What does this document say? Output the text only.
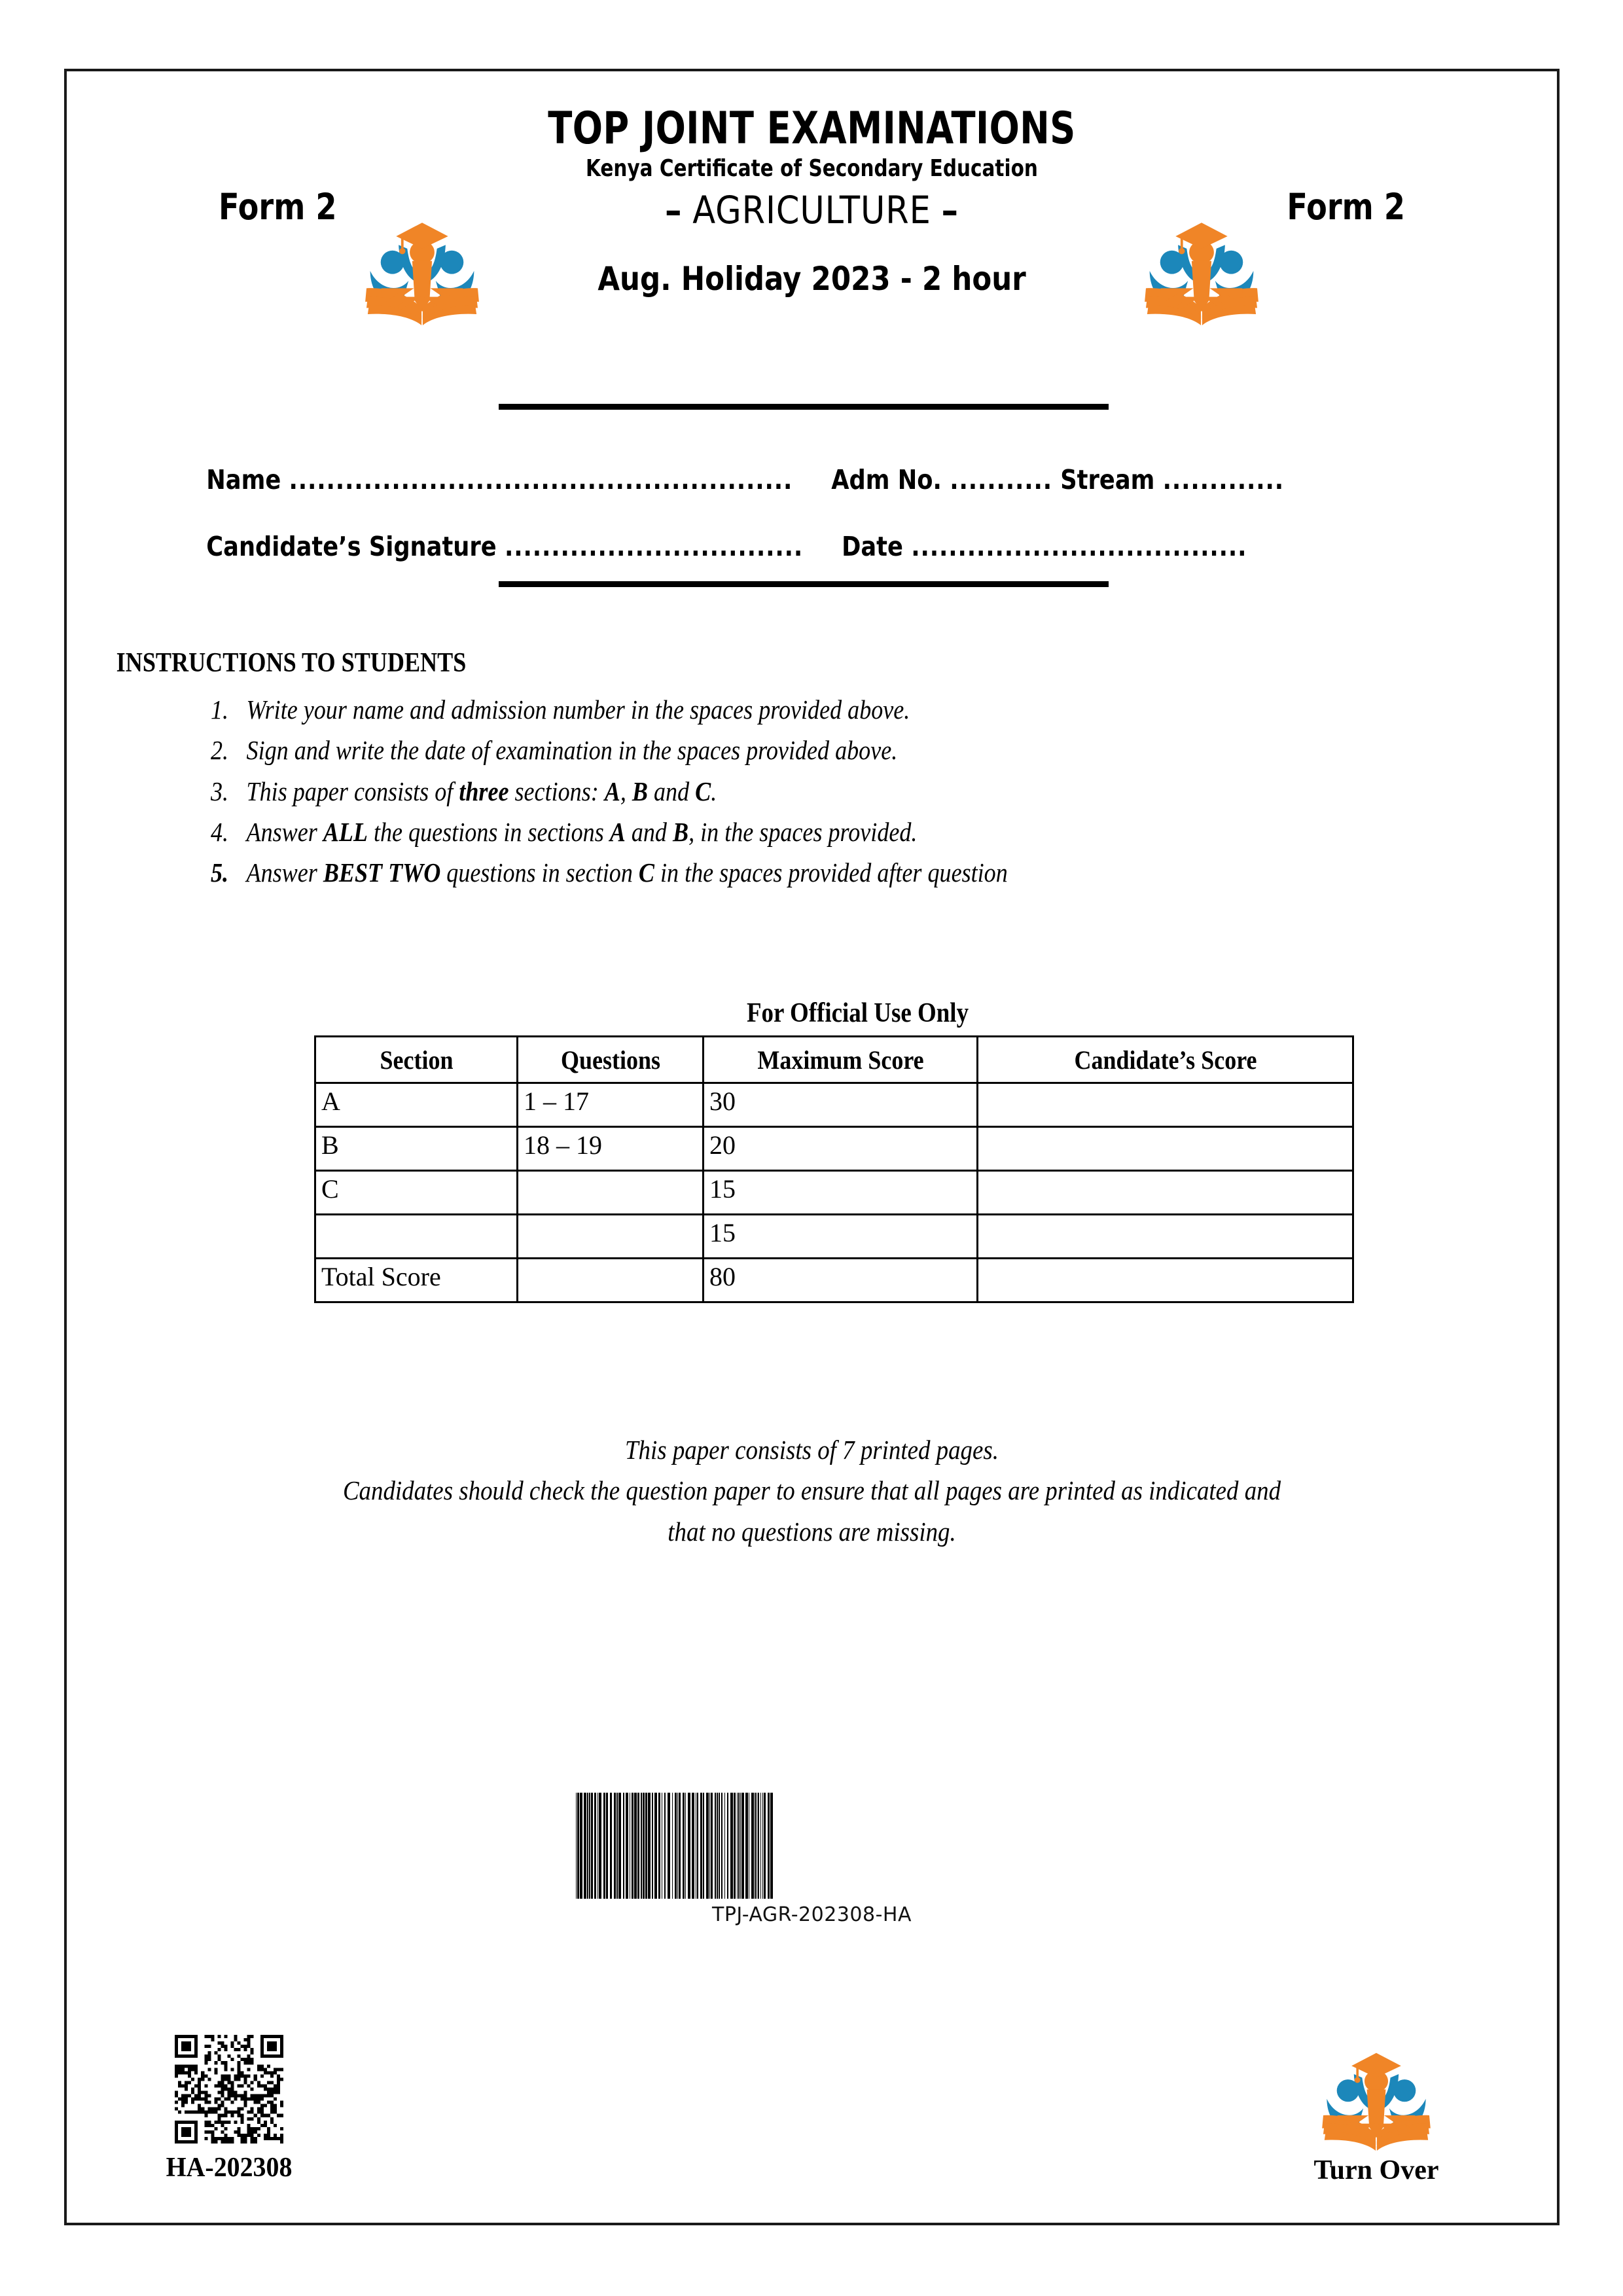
TOP JOINT EXAMINATIONS
Kenya Certificate of Secondary Education
Form 2	Form 2
– AGRICULTURE –
Aug. Holiday 2023 - 2 hour
Name ...................................................... Adm No. ........... Stream .............
Candidate’s Signature ................................ Date ....................................
INSTRUCTIONS TO STUDENTS
Write your name and admission number in the spaces provided above.
Sign and write the date of examination in the spaces provided above.
This paper consists of three sections: A, B and C.
Answer ALL the questions in sections A and B, in the spaces provided.
Answer BEST TWO questions in section C in the spaces provided after question
For Official Use Only
Section	Questions	Maximum Score	Candidate’s Score
A	1 – 17	30	
B	18 – 19	20	
C		15	
		15	
Total Score		80	
This paper consists of 7 printed pages.
Candidates should check the question paper to ensure that all pages are printed as indicated and
that no questions are missing.
TPJ-AGR-202308-HA
HA-202308	Turn Over
